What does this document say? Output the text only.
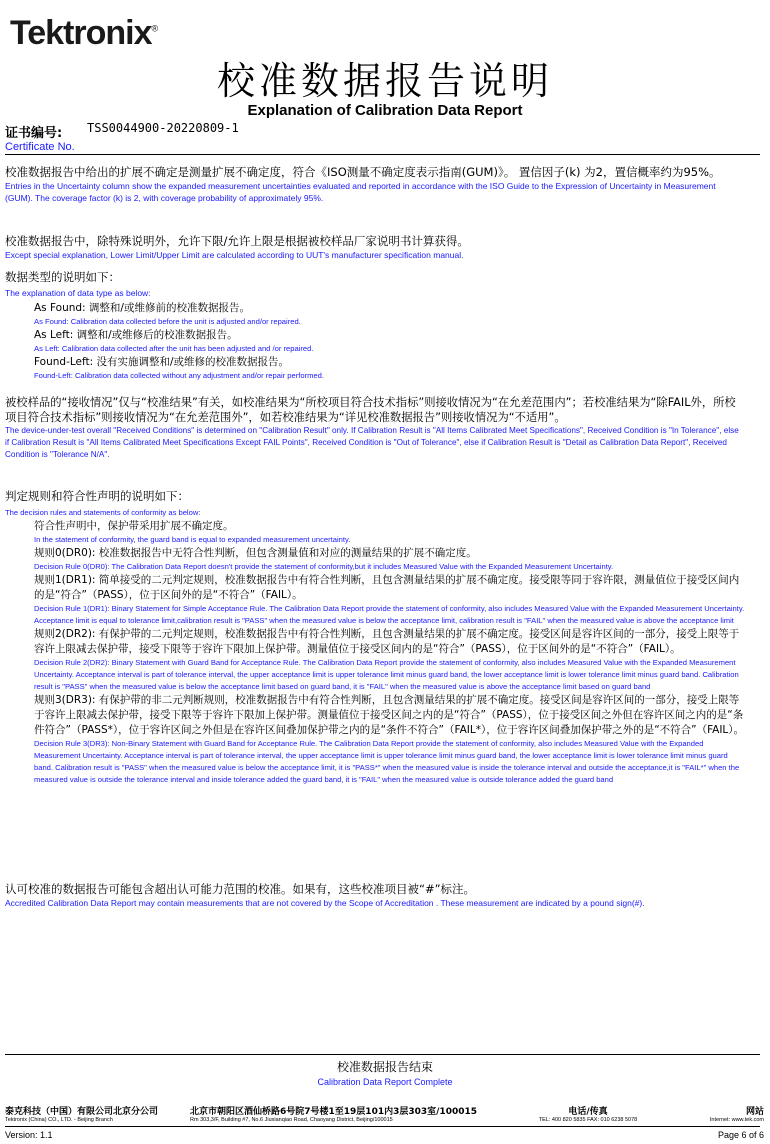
Tektronix®
校准数据报告说明
Explanation of Calibration Data Report
证书编号: TSS0044900-20220809-1
Certificate No.
校准数据报告中给出的扩展不确定是测量扩展不确定度，符合《ISO测量不确定度表示指南(GUM)》。 置信因子(k) 为2，置信概率约为95%。
Entries in the Uncertainty column show the expanded measurement uncertainties evaluated and reported in accordance with the ISO Guide to the Expression of Uncertainty in Measurement (GUM). The coverage factor (k) is 2, with coverage probability of approximately 95%.
校准数据报告中，除特殊说明外，允许下限/允许上限是根据被校样品厂家说明书计算获得。
Except special explanation, Lower Limit/Upper Limit are calculated according to UUT's manufacturer specification manual.
数据类型的说明如下：
The explanation of data type as below:
As Found: 调整和/或维修前的校准数据报告。
As Found: Calibration data collected before the unit is adjusted and/or repaired.
As Left: 调整和/或维修后的校准数据报告。
As Left: Calibration data collected after the unit has been adjusted and /or repaired.
Found-Left: 没有实施调整和/或维修的校准数据报告。
Found-Left: Calibration data collected without any adjustment and/or repair performed.
被校样品的“接收情况”仅与“校准结果”有关，如校准结果为“所校项目符合技术指标”则接收情况为“在允差范围内”；若校准结果为“除FAIL外，所校项目符合技术指标”则接收情况为“在允差范围外”，如若校准结果为“详见校准数据报告”则接收情况为“不适用”。
The device-under-test overall "Received Conditions" is determined on "Calibration Result" only. If Calibration Result is "All Items Calibrated Meet Specifications", Received Condition is "In Tolerance", else if Calibration Result is "All Items Calibrated Meet Specifications Except FAIL Points", Received Condition is "Out of Tolerance", else if Calibration Result is "Detail as Calibration Data Report", Received Condition is "Tolerance N/A".
判定规则和符合性声明的说明如下：
The decision rules and statements of conformity as below:
符合性声明中，保护带采用扩展不确定度。
In the statement of conformity, the guard band is equal to expanded measurement uncertainty.
规则0(DR0): 校准数据报告中无符合性判断，但包含测量值和对应的测量结果的扩展不确定度。
Decision Rule 0(DR0): The Calibration Data Report doesn't provide the statement of conformity,but it includes Measured Value with the Expanded Measurement Uncertainty.
规则1(DR1): 简单接受的二元判定规则，校准数据报告中有符合性判断，且包含测量结果的扩展不确定度。接受限等同于容许限，测量值位于接受区间内的是“符合”（PASS），位于区间外的是“不符合”（FAIL）。
Decision Rule 1(DR1): Binary Statement for Simple Acceptance Rule. The Calibration Data Report provide the statement of conformity, also includes Measured Value with the Expanded Measurement Uncertainty. Acceptance limit is equal to tolerance limit,calibration result is "PASS" when the measured value is below the acceptance limit, calibration result is "FAIL" when the measured value is above the acceptance limit
规则2(DR2): 有保护带的二元判定规则，校准数据报告中有符合性判断，且包含测量结果的扩展不确定度。接受区间是容许区间的一部分，接受上限等于容许上限减去保护带，接受下限等于容许下限加上保护带。测量值位于接受区间内的是“符合”（PASS），位于区间外的是“不符合”（FAIL）。
Decision Rule 2(DR2): Binary Statement with Guard Band for Acceptance Rule. The Calibration Data Report provide the statement of conformity, also includes Measured Value with the Expanded Measurement Uncertainty. Acceptance interval is part of tolerance interval, the upper acceptance limit is upper tolerance limit minus guard band, the lower acceptance limit is lower tolerance limit minus guard band. Calibration result is "PASS" when the measured value is below the acceptance limit based on guard band, it is "FAIL" when the measured value is above the acceptance limit based on guard band
规则3(DR3): 有保护带的非二元判断规则，校准数据报告中有符合性判断，且包含测量结果的扩展不确定度。接受区间是容许区间的一部分，接受上限等于容许上限减去保护带，接受下限等于容许下限加上保护带。测量值位于接受区间之内的是“符合”（PASS），位于接受区间之外但在容许区间之内的是“条件符合”（PASS*），位于容许区间之外但是在容许区间叠加保护带之内的是“条件不符合”（FAIL*），位于容许区间叠加保护带之外的是“不符合”（FAIL）。
Decision Rule 3(DR3): Non-Binary Statement with Guard Band for Acceptance Rule. The Calibration Data Report provide the statement of conformity, also includes Measured Value with the Expanded Measurement Uncertainty. Acceptance interval is part of tolerance interval, the upper acceptance limit is upper tolerance limit minus guard band, the lower acceptance limit is lower tolerance limit minus guard band. Calibration result is "PASS" when the measured value is below the acceptance limit, it is "PASS*" when the measured value is inside the tolerance interval and outside the acceptance,it is "FAIL*" when the measured value is outside the tolerance interval and inside tolerance added the guard band, it is "FAIL" when the measured value is outside tolerance added the guard band
认可校准的数据报告可能包含超出认可能力范围的校准。如果有，这些校准项目被“#”标注。
Accredited Calibration Data Report may contain measurements that are not covered by the Scope of Accreditation . These measurement are indicated by a pound sign(#).
校准数据报告结束
Calibration Data Report Complete
泰克科技（中国）有限公司北京分公司
Tektronix (China) CO., LTD. - Beijing Branch
北京市朝阳区酒仙桥路6号院7号楼1至19层101内3层303室/100015
Rm 303,3/F, Building #7, No.6 Jiuxianqiao Road, Chaoyang District, Beijing/100015
电话/传真
TEL: 400 820 5835 FAX: 010 6238 5078
网站
Internet: www.tek.com
Version: 1.1	Page 6 of 6
